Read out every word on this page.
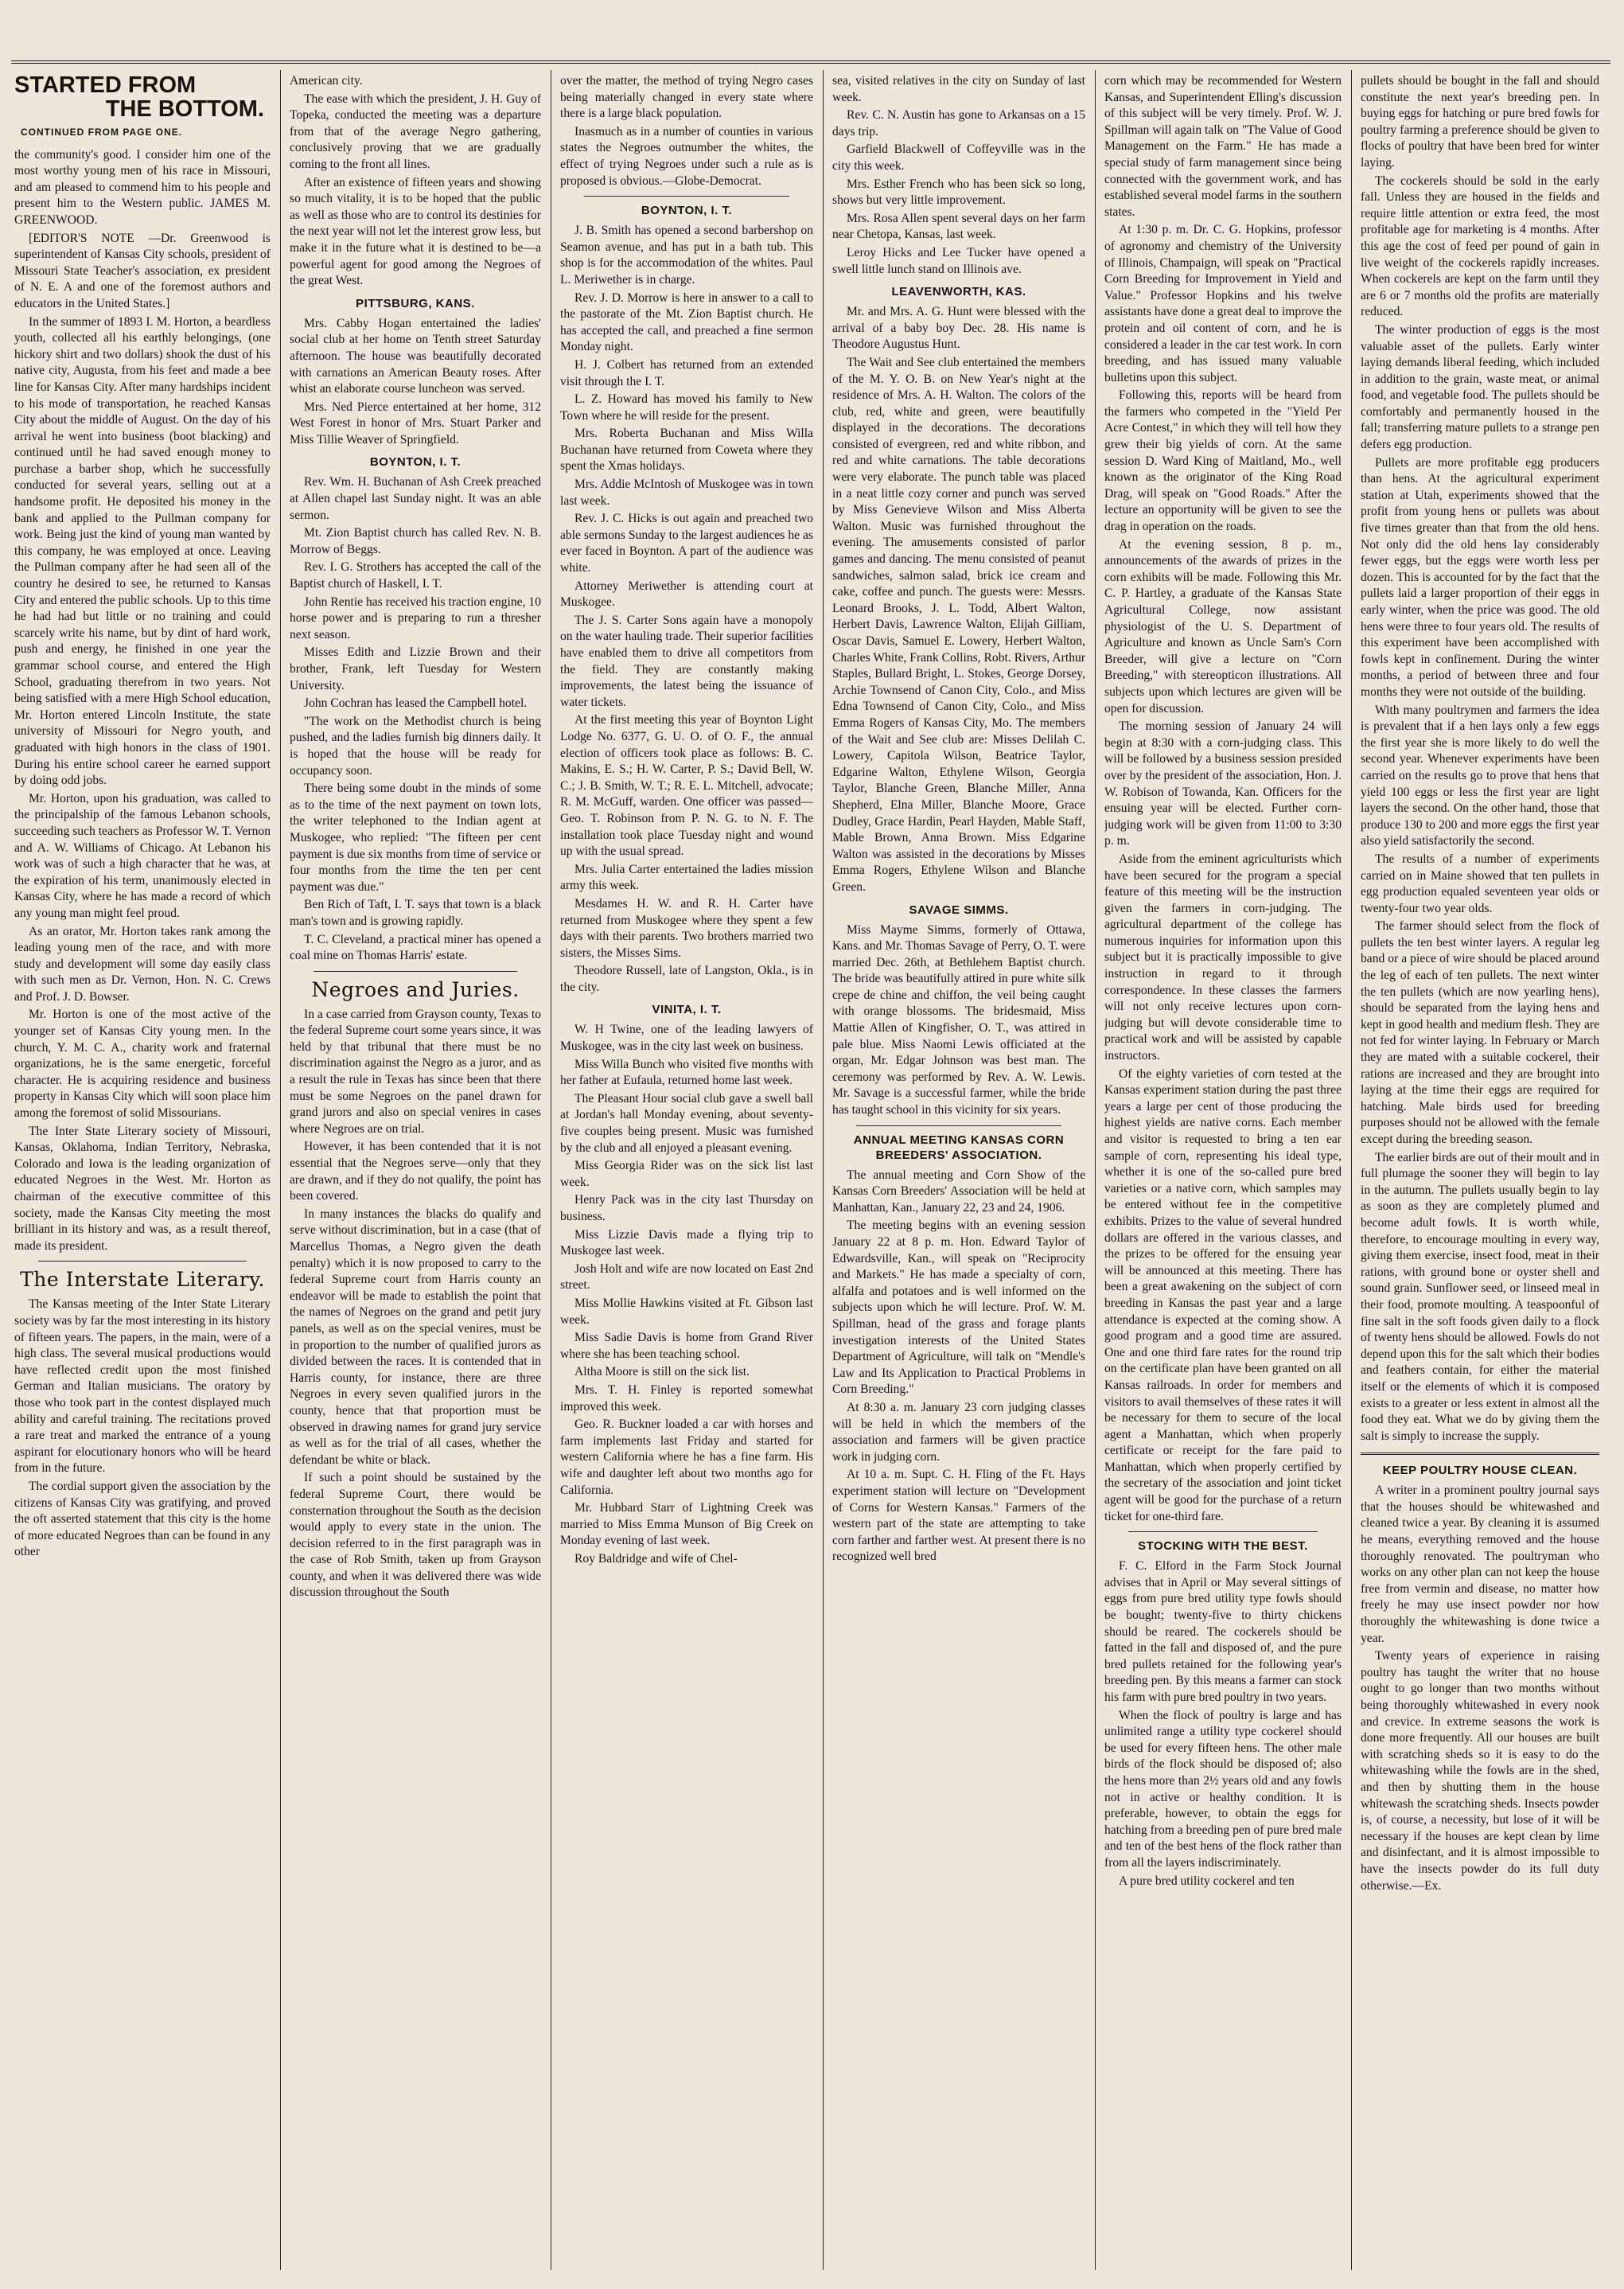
STARTED FROM
THE BOTTOM.
CONTINUED FROM PAGE ONE.

the community's good. I consider him one of the most worthy young men of his race in Missouri, and am pleased to commend him to his people and present him to the Western public. JAMES M. GREENWOOD.

[EDITOR'S NOTE —Dr. Greenwood is superintendent of Kansas City schools, president of Missouri State Teacher's association, ex president of N. E. A and one of the foremost authors and educators in the United States.]

In the summer of 1893 I. M. Horton, a beardless youth, collected all his earthly belongings, (one hickory shirt and two dollars) shook the dust of his native city, Augusta, from his feet and made a bee line for Kansas City. After many hardships incident to his mode of transportation, he reached Kansas City about the middle of August. On the day of his arrival he went into business (boot blacking) and continued until he had saved enough money to purchase a barber shop, which he successfully conducted for several years, selling out at a handsome profit. He deposited his money in the bank and applied to the Pullman company for work. Being just the kind of young man wanted by this company, he was employed at once. Leaving the Pullman company after he had seen all of the country he desired to see, he returned to Kansas City and entered the public schools. Up to this time he had had but little or no training and could scarcely write his name, but by dint of hard work, push and energy, he finished in one year the grammar school course, and entered the High School, graduating therefrom in two years. Not being satisfied with a mere High School education, Mr. Horton entered Lincoln Institute, the state university of Missouri for Negro youth, and graduated with high honors in the class of 1901. During his entire school career he earned support by doing odd jobs.

Mr. Horton, upon his graduation, was called to the principalship of the famous Lebanon schools, succeeding such teachers as Professor W. T. Vernon and A. W. Williams of Chicago. At Lebanon his work was of such a high character that he was, at the expiration of his term, unanimously elected in Kansas City, where he has made a record of which any young man might feel proud.

As an orator, Mr. Horton takes rank among the leading young men of the race, and with more study and development will some day easily class with such men as Dr. Vernon, Hon. N. C. Crews and Prof. J. D. Bowser.

Mr. Horton is one of the most active of the younger set of Kansas City young men. In the church, Y. M. C. A., charity work and fraternal organizations, he is the same energetic, forceful character. He is acquiring residence and business property in Kansas City which will soon place him among the foremost of solid Missourians.

The Inter State Literary society of Missouri, Kansas, Oklahoma, Indian Territory, Nebraska, Colorado and Iowa is the leading organization of educated Negroes in the West. Mr. Horton as chairman of the executive committee of this society, made the Kansas City meeting the most brilliant in its history and was, as a result thereof, made its president.

The Interstate Literary.

The Kansas meeting of the Inter State Literary society was by far the most interesting in its history of fifteen years. The papers, in the main, were of a high class. The several musical productions would have reflected credit upon the most finished German and Italian musicians. The oratory by those who took part in the contest displayed much ability and careful training. The recitations proved a rare treat and marked the entrance of a young aspirant for elocutionary honors who will be heard from in the future.

The cordial support given the association by the citizens of Kansas City was gratifying, and proved the oft asserted statement that this city is the home of more educated Negroes than can be found in any other

American city.

The ease with which the president, J. H. Guy of Topeka, conducted the meeting was a departure from that of the average Negro gathering, conclusively proving that we are gradually coming to the front all lines.

After an existence of fifteen years and showing so much vitality, it is to be hoped that the public as well as those who are to control its destinies for the next year will not let the interest grow less, but make it in the future what it is destined to be—a powerful agent for good among the Negroes of the great West.

PITTSBURG, KANS.

Mrs. Cabby Hogan entertained the ladies' social club at her home on Tenth street Saturday afternoon. The house was beautifully decorated with carnations an American Beauty roses. After whist an elaborate course luncheon was served.

Mrs. Ned Pierce entertained at her home, 312 West Forest in honor of Mrs. Stuart Parker and Miss Tillie Weaver of Springfield.

BOYNTON, I. T.

Rev. Wm. H. Buchanan of Ash Creek preached at Allen chapel last Sunday night. It was an able sermon.

Mt. Zion Baptist church has called Rev. N. B. Morrow of Beggs.

Rev. I. G. Strothers has accepted the call of the Baptist church of Haskell, I. T.

John Rentie has received his traction engine, 10 horse power and is preparing to run a thresher next season.

Misses Edith and Lizzie Brown and their brother, Frank, left Tuesday for Western University.

John Cochran has leased the Campbell hotel.

"The work on the Methodist church is being pushed, and the ladies furnish big dinners daily. It is hoped that the house will be ready for occupancy soon.

There being some doubt in the minds of some as to the time of the next payment on town lots, the writer telephoned to the Indian agent at Muskogee, who replied: "The fifteen per cent payment is due six months from time of service or four months from the time the ten per cent payment was due."

Ben Rich of Taft, I. T. says that town is a black man's town and is growing rapidly.

T. C. Cleveland, a practical miner has opened a coal mine on Thomas Harris' estate.

Negroes and Juries.

In a case carried from Grayson county, Texas to the federal Supreme court some years since, it was held by that tribunal that there must be no discrimination against the Negro as a juror, and as a result the rule in Texas has since been that there must be some Negroes on the panel drawn for grand jurors and also on special venires in cases where Negroes are on trial.

However, it has been contended that it is not essential that the Negroes serve—only that they are drawn, and if they do not qualify, the point has been covered.

In many instances the blacks do qualify and serve without discrimination, but in a case (that of Marcellus Thomas, a Negro given the death penalty) which it is now proposed to carry to the federal Supreme court from Harris county an endeavor will be made to establish the point that the names of Negroes on the grand and petit jury panels, as well as on the special venires, must be in proportion to the number of qualified jurors as divided between the races. It is contended that in Harris county, for instance, there are three Negroes in every seven qualified jurors in the county, hence that that proportion must be observed in drawing names for grand jury service as well as for the trial of all cases, whether the defendant be white or black.

If such a point should be sustained by the federal Supreme Court, there would be consternation throughout the South as the decision would apply to every state in the union. The decision referred to in the first paragraph was in the case of Rob Smith, taken up from Grayson county, and when it was delivered there was wide discussion throughout the South

over the matter, the method of trying Negro cases being materially changed in every state where there is a large black population.

Inasmuch as in a number of counties in various states the Negroes outnumber the whites, the effect of trying Negroes under such a rule as is proposed is obvious.—Globe-Democrat.

BOYNTON, I. T.

J. B. Smith has opened a second barbershop on Seamon avenue, and has put in a bath tub. This shop is for the accommodation of the whites. Paul L. Meriwether is in charge.

Rev. J. D. Morrow is here in answer to a call to the pastorate of the Mt. Zion Baptist church. He has accepted the call, and preached a fine sermon Monday night.

H. J. Colbert has returned from an extended visit through the I. T.

L. Z. Howard has moved his family to New Town where he will reside for the present.

Mrs. Roberta Buchanan and Miss Willa Buchanan have returned from Coweta where they spent the Xmas holidays.

Mrs. Addie McIntosh of Muskogee was in town last week.

Rev. J. C. Hicks is out again and preached two able sermons Sunday to the largest audiences he as ever faced in Boynton. A part of the audience was white.

Attorney Meriwether is attending court at Muskogee.

The J. S. Carter Sons again have a monopoly on the water hauling trade. Their superior facilities have enabled them to drive all competitors from the field. They are constantly making improvements, the latest being the issuance of water tickets.

At the first meeting this year of Boynton Light Lodge No. 6377, G. U. O. of O. F., the annual election of officers took place as follows: B. C. Makins, E. S.; H. W. Carter, P. S.; David Bell, W. C.; J. B. Smith, W. T.; R. E. L. Mitchell, advocate; R. M. McGuff, warden. One officer was passed—Geo. T. Robinson from P. N. G. to N. F. The installation took place Tuesday night and wound up with the usual spread.

Mrs. Julia Carter entertained the ladies mission army this week.

Mesdames H. W. and R. H. Carter have returned from Muskogee where they spent a few days with their parents. Two brothers married two sisters, the Misses Sims.

Theodore Russell, late of Langston, Okla., is in the city.

VINITA, I. T.

W. H Twine, one of the leading lawyers of Muskogee, was in the city last week on business.

Miss Willa Bunch who visited five months with her father at Eufaula, returned home last week.

The Pleasant Hour social club gave a swell ball at Jordan's hall Monday evening, about seventy-five couples being present. Music was furnished by the club and all enjoyed a pleasant evening.

Miss Georgia Rider was on the sick list last week.

Henry Pack was in the city last Thursday on business.

Miss Lizzie Davis made a flying trip to Muskogee last week.

Josh Holt and wife are now located on East 2nd street.

Miss Mollie Hawkins visited at Ft. Gibson last week.

Miss Sadie Davis is home from Grand River where she has been teaching school.

Altha Moore is still on the sick list.

Mrs. T. H. Finley is reported somewhat improved this week.

Geo. R. Buckner loaded a car with horses and farm implements last Friday and started for western California where he has a fine farm. His wife and daughter left about two months ago for California.

Mr. Hubbard Starr of Lightning Creek was married to Miss Emma Munson of Big Creek on Monday evening of last week.

Roy Baldridge and wife of Chel-

sea, visited relatives in the city on Sunday of last week.

Rev. C. N. Austin has gone to Arkansas on a 15 days trip.

Garfield Blackwell of Coffeyville was in the city this week.

Mrs. Esther French who has been sick so long, shows but very little improvement.

Mrs. Rosa Allen spent several days on her farm near Chetopa, Kansas, last week.

Leroy Hicks and Lee Tucker have opened a swell little lunch stand on Illinois ave.

LEAVENWORTH, KAS.

Mr. and Mrs. A. G. Hunt were blessed with the arrival of a baby boy Dec. 28. His name is Theodore Augustus Hunt.

The Wait and See club entertained the members of the M. Y. O. B. on New Year's night at the residence of Mrs. A. H. Walton. The colors of the club, red, white and green, were beautifully displayed in the decorations. The decorations consisted of evergreen, red and white ribbon, and red and white carnations. The table decorations were very elaborate. The punch table was placed in a neat little cozy corner and punch was served by Miss Genevieve Wilson and Miss Alberta Walton. Music was furnished throughout the evening. The amusements consisted of parlor games and dancing. The menu consisted of peanut sandwiches, salmon salad, brick ice cream and cake, coffee and punch. The guests were: Messrs. Leonard Brooks, J. L. Todd, Albert Walton, Herbert Davis, Lawrence Walton, Elijah Gilliam, Oscar Davis, Samuel E. Lowery, Herbert Walton, Charles White, Frank Collins, Robt. Rivers, Arthur Staples, Bullard Bright, L. Stokes, George Dorsey, Archie Townsend of Canon City, Colo., and Miss Edna Townsend of Canon City, Colo., and Miss Emma Rogers of Kansas City, Mo. The members of the Wait and See club are: Misses Delilah C. Lowery, Capitola Wilson, Beatrice Taylor, Edgarine Walton, Ethylene Wilson, Georgia Taylor, Blanche Green, Blanche Miller, Anna Shepherd, Elna Miller, Blanche Moore, Grace Dudley, Grace Hardin, Pearl Hayden, Mable Staff, Mable Brown, Anna Brown. Miss Edgarine Walton was assisted in the decorations by Misses Emma Rogers, Ethylene Wilson and Blanche Green.

SAVAGE SIMMS.

Miss Mayme Simms, formerly of Ottawa, Kans. and Mr. Thomas Savage of Perry, O. T. were married Dec. 26th, at Bethlehem Baptist church. The bride was beautifully attired in pure white silk crepe de chine and chiffon, the veil being caught with orange blossoms. The bridesmaid, Miss Mattie Allen of Kingfisher, O. T., was attired in pale blue. Miss Naomi Lewis officiated at the organ, Mr. Edgar Johnson was best man. The ceremony was performed by Rev. A. W. Lewis. Mr. Savage is a successful farmer, while the bride has taught school in this vicinity for six years.

ANNUAL MEETING KANSAS CORN BREEDERS' ASSOCIATION.

The annual meeting and Corn Show of the Kansas Corn Breeders' Association will be held at Manhattan, Kan., January 22, 23 and 24, 1906.

The meeting begins with an evening session January 22 at 8 p. m. Hon. Edward Taylor of Edwardsville, Kan., will speak on "Reciprocity and Markets." He has made a specialty of corn, alfalfa and potatoes and is well informed on the subjects upon which he will lecture. Prof. W. M. Spillman, head of the grass and forage plants investigation interests of the United States Department of Agriculture, will talk on "Mendle's Law and Its Application to Practical Problems in Corn Breeding."

At 8:30 a. m. January 23 corn judging classes will be held in which the members of the association and farmers will be given practice work in judging corn.

At 10 a. m. Supt. C. H. Fling of the Ft. Hays experiment station will lecture on "Development of Corns for Western Kansas." Farmers of the western part of the state are attempting to take corn farther and farther west. At present there is no recognized well bred

corn which may be recommended for Western Kansas, and Superintendent Elling's discussion of this subject will be very timely. Prof. W. J. Spillman will again talk on "The Value of Good Management on the Farm." He has made a special study of farm management since being connected with the government work, and has established several model farms in the southern states.

At 1:30 p. m. Dr. C. G. Hopkins, professor of agronomy and chemistry of the University of Illinois, Champaign, will speak on "Practical Corn Breeding for Improvement in Yield and Value." Professor Hopkins and his twelve assistants have done a great deal to improve the protein and oil content of corn, and he is considered a leader in the car test work. In corn breeding, and has issued many valuable bulletins upon this subject.

Following this, reports will be heard from the farmers who competed in the "Yield Per Acre Contest," in which they will tell how they grew their big yields of corn. At the same session D. Ward King of Maitland, Mo., well known as the originator of the King Road Drag, will speak on "Good Roads." After the lecture an opportunity will be given to see the drag in operation on the roads.

At the evening session, 8 p. m., announcements of the awards of prizes in the corn exhibits will be made. Following this Mr. C. P. Hartley, a graduate of the Kansas State Agricultural College, now assistant physiologist of the U. S. Department of Agriculture and known as Uncle Sam's Corn Breeder, will give a lecture on "Corn Breeding," with stereopticon illustrations. All subjects upon which lectures are given will be open for discussion.

The morning session of January 24 will begin at 8:30 with a corn-judging class. This will be followed by a business session presided over by the president of the association, Hon. J. W. Robison of Towanda, Kan. Officers for the ensuing year will be elected. Further corn-judging work will be given from 11:00 to 3:30 p. m.

Aside from the eminent agriculturists which have been secured for the program a special feature of this meeting will be the instruction given the farmers in corn-judging. The agricultural department of the college has numerous inquiries for information upon this subject but it is practically impossible to give instruction in regard to it through correspondence. In these classes the farmers will not only receive lectures upon corn-judging but will devote considerable time to practical work and will be assisted by capable instructors.

Of the eighty varieties of corn tested at the Kansas experiment station during the past three years a large per cent of those producing the highest yields are native corns. Each member and visitor is requested to bring a ten ear sample of corn, representing his ideal type, whether it is one of the so-called pure bred varieties or a native corn, which samples may be entered without fee in the competitive exhibits. Prizes to the value of several hundred dollars are offered in the various classes, and the prizes to be offered for the ensuing year will be announced at this meeting. There has been a great awakening on the subject of corn breeding in Kansas the past year and a large attendance is expected at the coming show. A good program and a good time are assured. One and one third fare rates for the round trip on the certificate plan have been granted on all Kansas railroads. In order for members and visitors to avail themselves of these rates it will be necessary for them to secure of the local agent a Manhattan, which when properly certificate or receipt for the fare paid to Manhattan, which when properly certified by the secretary of the association and joint ticket agent will be good for the purchase of a return ticket for one-third fare.

STOCKING WITH THE BEST.

F. C. Elford in the Farm Stock Journal advises that in April or May several sittings of eggs from pure bred utility type fowls should be bought; twenty-five to thirty chickens should be reared. The cockerels should be fatted in the fall and disposed of, and the pure bred pullets retained for the following year's breeding pen. By this means a farmer can stock his farm with pure bred poultry in two years.

When the flock of poultry is large and has unlimited range a utility type cockerel should be used for every fifteen hens. The other male birds of the flock should be disposed of; also the hens more than 2½ years old and any fowls not in active or healthy condition. It is preferable, however, to obtain the eggs for hatching from a breeding pen of pure bred male and ten of the best hens of the flock rather than from all the layers indiscriminately.

A pure bred utility cockerel and ten

pullets should be bought in the fall and should constitute the next year's breeding pen. In buying eggs for hatching or pure bred fowls for poultry farming a preference should be given to flocks of poultry that have been bred for winter laying.

The cockerels should be sold in the early fall. Unless they are housed in the fields and require little attention or extra feed, the most profitable age for marketing is 4 months. After this age the cost of feed per pound of gain in live weight of the cockerels rapidly increases. When cockerels are kept on the farm until they are 6 or 7 months old the profits are materially reduced.

The winter production of eggs is the most valuable asset of the pullets. Early winter laying demands liberal feeding, which included in addition to the grain, waste meat, or animal food, and vegetable food. The pullets should be comfortably and permanently housed in the fall; transferring mature pullets to a strange pen defers egg production.

Pullets are more profitable egg producers than hens. At the agricultural experiment station at Utah, experiments showed that the profit from young hens or pullets was about five times greater than that from the old hens. Not only did the old hens lay considerably fewer eggs, but the eggs were worth less per dozen. This is accounted for by the fact that the pullets laid a larger proportion of their eggs in early winter, when the price was good. The old hens were three to four years old. The results of this experiment have been accomplished with fowls kept in confinement. During the winter months, a period of between three and four months they were not outside of the building.

With many poultrymen and farmers the idea is prevalent that if a hen lays only a few eggs the first year she is more likely to do well the second year. Whenever experiments have been carried on the results go to prove that hens that yield 100 eggs or less the first year are light layers the second. On the other hand, those that produce 130 to 200 and more eggs the first year also yield satisfactorily the second.

The results of a number of experiments carried on in Maine showed that ten pullets in egg production equaled seventeen year olds or twenty-four two year olds.

The farmer should select from the flock of pullets the ten best winter layers. A regular leg band or a piece of wire should be placed around the leg of each of ten pullets. The next winter the ten pullets (which are now yearling hens), should be separated from the laying hens and kept in good health and medium flesh. They are not fed for winter laying. In February or March they are mated with a suitable cockerel, their rations are increased and they are brought into laying at the time their eggs are required for hatching. Male birds used for breeding purposes should not be allowed with the female except during the breeding season.

The earlier birds are out of their moult and in full plumage the sooner they will begin to lay in the autumn. The pullets usually begin to lay as soon as they are completely plumed and become adult fowls. It is worth while, therefore, to encourage moulting in every way, giving them exercise, insect food, meat in their rations, with ground bone or oyster shell and sound grain. Sunflower seed, or linseed meal in their food, promote moulting. A teaspoonful of fine salt in the soft foods given daily to a flock of twenty hens should be allowed. Fowls do not depend upon this for the salt which their bodies and feathers contain, for either the material itself or the elements of which it is composed exists to a greater or less extent in almost all the food they eat. What we do by giving them the salt is simply to increase the supply.

KEEP POULTRY HOUSE CLEAN.

A writer in a prominent poultry journal says that the houses should be whitewashed and cleaned twice a year. By cleaning it is assumed he means, everything removed and the house thoroughly renovated. The poultryman who works on any other plan can not keep the house free from vermin and disease, no matter how freely he may use insect powder nor how thoroughly the whitewashing is done twice a year.

Twenty years of experience in raising poultry has taught the writer that no house ought to go longer than two months without being thoroughly whitewashed in every nook and crevice. In extreme seasons the work is done more frequently. All our houses are built with scratching sheds so it is easy to do the whitewashing while the fowls are in the shed, and then by shutting them in the house whitewash the scratching sheds. Insects powder is, of course, a necessity, but lose of it will be necessary if the houses are kept clean by lime and disinfectant, and it is almost impossible to have the insects powder do its full duty otherwise.—Ex.
